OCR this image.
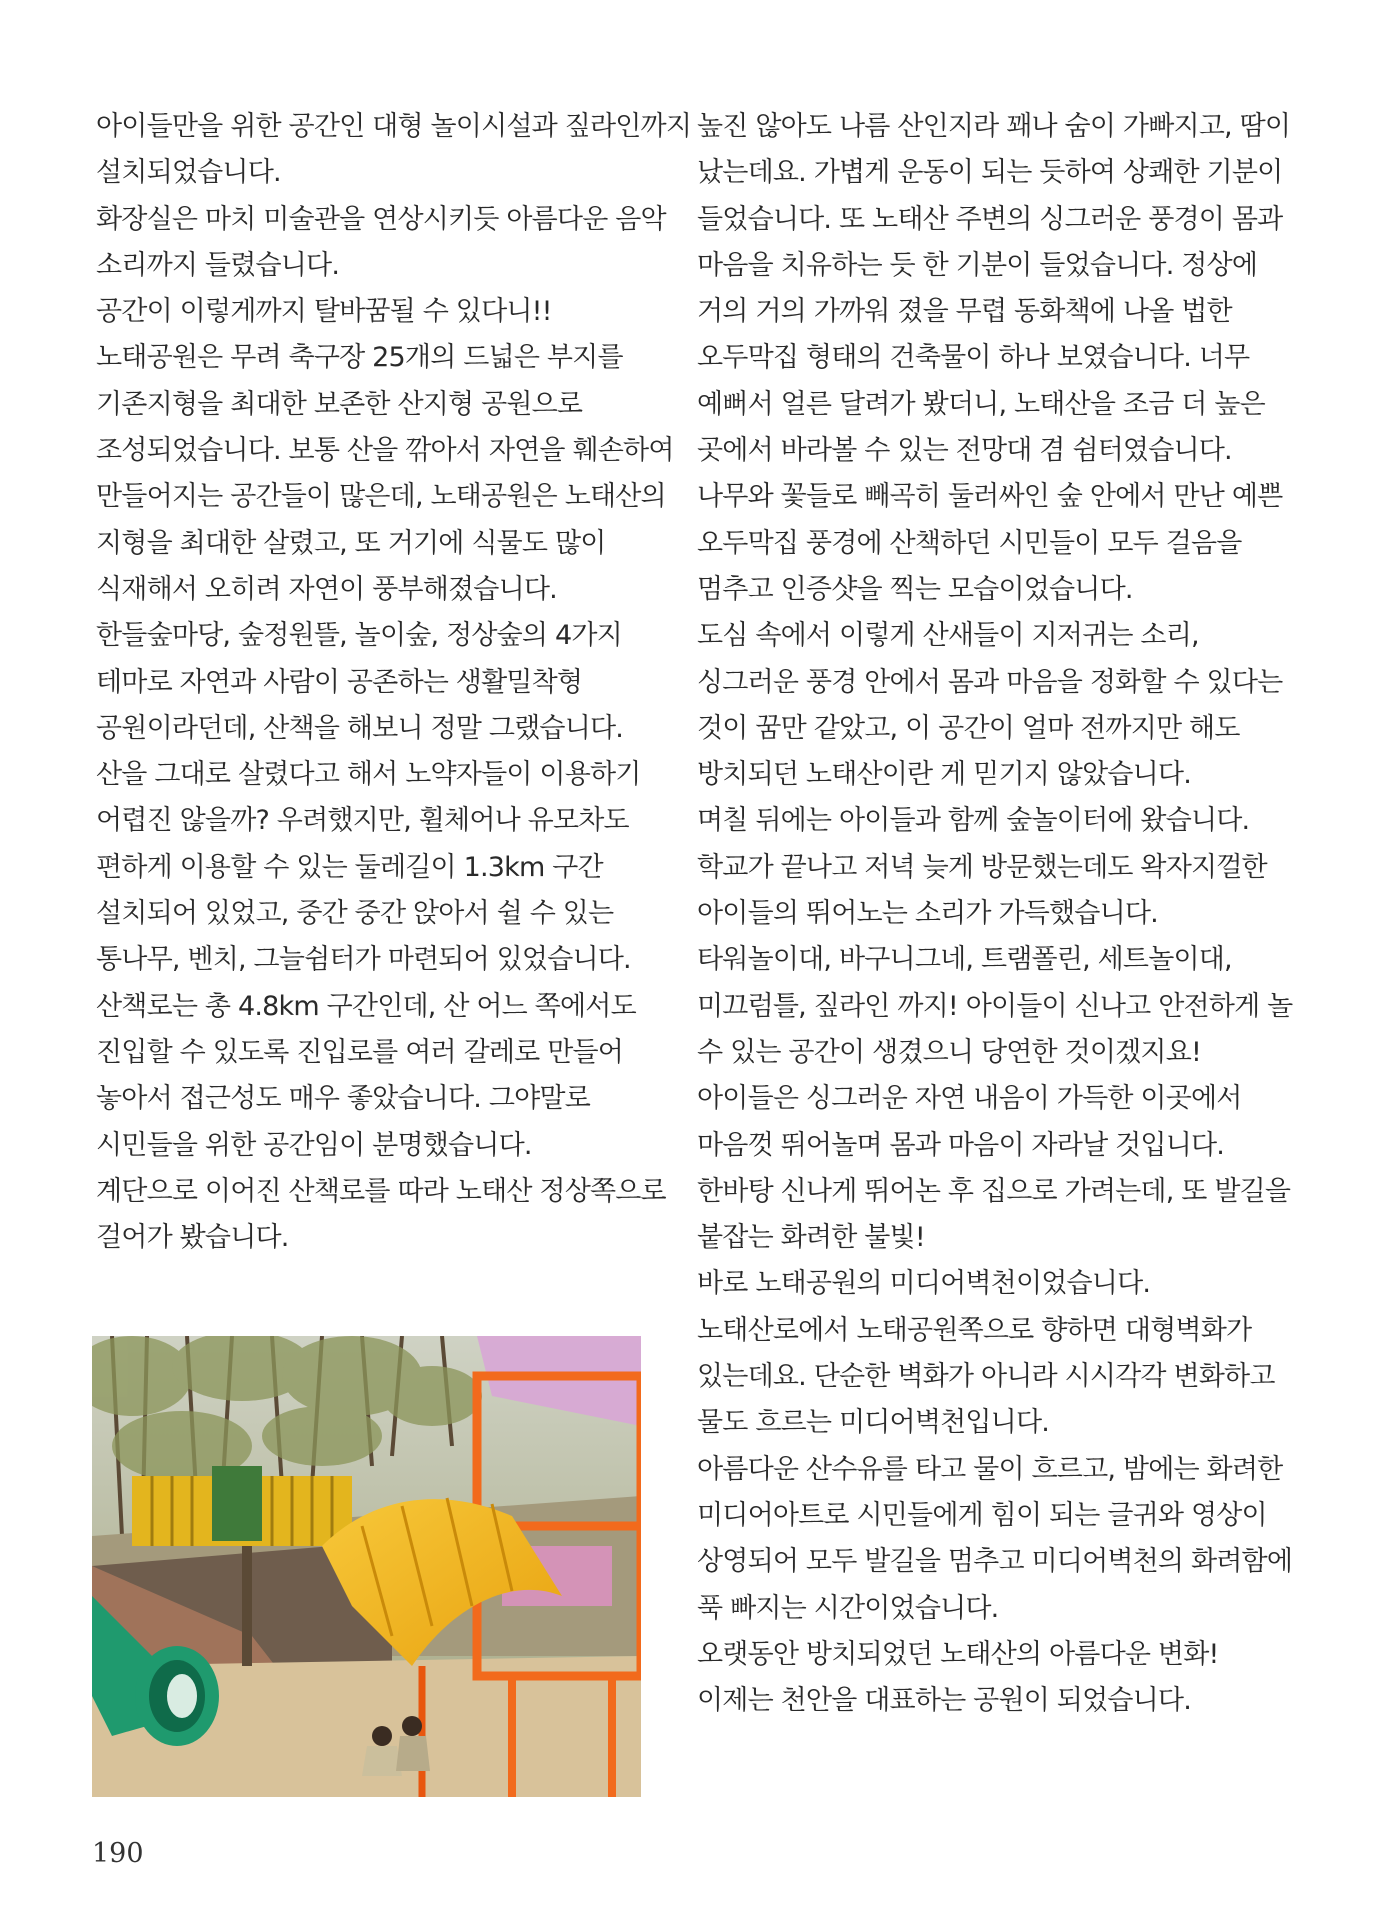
아이들만을 위한 공간인 대형 놀이시설과 짚라인까지
설치되었습니다.
화장실은 마치 미술관을 연상시키듯 아름다운 음악
소리까지 들렸습니다.
공간이 이렇게까지 탈바꿈될 수 있다니!!
노태공원은 무려 축구장 25개의 드넓은 부지를
기존지형을 최대한 보존한 산지형 공원으로
조성되었습니다. 보통 산을 깎아서 자연을 훼손하여
만들어지는 공간들이 많은데, 노태공원은 노태산의
지형을 최대한 살렸고, 또 거기에 식물도 많이
식재해서 오히려 자연이 풍부해졌습니다.
한들숲마당, 숲정원뜰, 놀이숲, 정상숲의 4가지
테마로 자연과 사람이 공존하는 생활밀착형
공원이라던데, 산책을 해보니 정말 그랬습니다.
산을 그대로 살렸다고 해서 노약자들이 이용하기
어렵진 않을까? 우려했지만, 휠체어나 유모차도
편하게 이용할 수 있는 둘레길이 1.3km 구간
설치되어 있었고, 중간 중간 앉아서 쉴 수 있는
통나무, 벤치, 그늘쉼터가 마련되어 있었습니다.
산책로는 총 4.8km 구간인데, 산 어느 쪽에서도
진입할 수 있도록 진입로를 여러 갈레로 만들어
놓아서 접근성도 매우 좋았습니다. 그야말로
시민들을 위한 공간임이 분명했습니다.
계단으로 이어진 산책로를 따라 노태산 정상쪽으로
걸어가 봤습니다.
높진 않아도 나름 산인지라 꽤나 숨이 가빠지고, 땀이
났는데요. 가볍게 운동이 되는 듯하여 상쾌한 기분이
들었습니다. 또 노태산 주변의 싱그러운 풍경이 몸과
마음을 치유하는 듯 한 기분이 들었습니다. 정상에
거의 거의 가까워 졌을 무렵 동화책에 나올 법한
오두막집 형태의 건축물이 하나 보였습니다. 너무
예뻐서 얼른 달려가 봤더니, 노태산을 조금 더 높은
곳에서 바라볼 수 있는 전망대 겸 쉼터였습니다.
나무와 꽃들로 빼곡히 둘러싸인 숲 안에서 만난 예쁜
오두막집 풍경에 산책하던 시민들이 모두 걸음을
멈추고 인증샷을 찍는 모습이었습니다.
도심 속에서 이렇게 산새들이 지저귀는 소리,
싱그러운 풍경 안에서 몸과 마음을 정화할 수 있다는
것이 꿈만 같았고, 이 공간이 얼마 전까지만 해도
방치되던 노태산이란 게 믿기지 않았습니다.
며칠 뒤에는 아이들과 함께 숲놀이터에 왔습니다.
학교가 끝나고 저녁 늦게 방문했는데도 왁자지껄한
아이들의 뛰어노는 소리가 가득했습니다.
타워놀이대, 바구니그네, 트램폴린, 세트놀이대,
미끄럼틀, 짚라인 까지! 아이들이 신나고 안전하게 놀
수 있는 공간이 생겼으니 당연한 것이겠지요!
아이들은 싱그러운 자연 내음이 가득한 이곳에서
마음껏 뛰어놀며 몸과 마음이 자라날 것입니다.
한바탕 신나게 뛰어논 후 집으로 가려는데, 또 발길을
붙잡는 화려한 불빛!
바로 노태공원의 미디어벽천이었습니다.
노태산로에서 노태공원쪽으로 향하면 대형벽화가
있는데요. 단순한 벽화가 아니라 시시각각 변화하고
물도 흐르는 미디어벽천입니다.
아름다운 산수유를 타고 물이 흐르고, 밤에는 화려한
미디어아트로 시민들에게 힘이 되는 글귀와 영상이
상영되어 모두 발길을 멈추고 미디어벽천의 화려함에
푹 빠지는 시간이었습니다.
오랫동안 방치되었던 노태산의 아름다운 변화!
이제는 천안을 대표하는 공원이 되었습니다.
190
